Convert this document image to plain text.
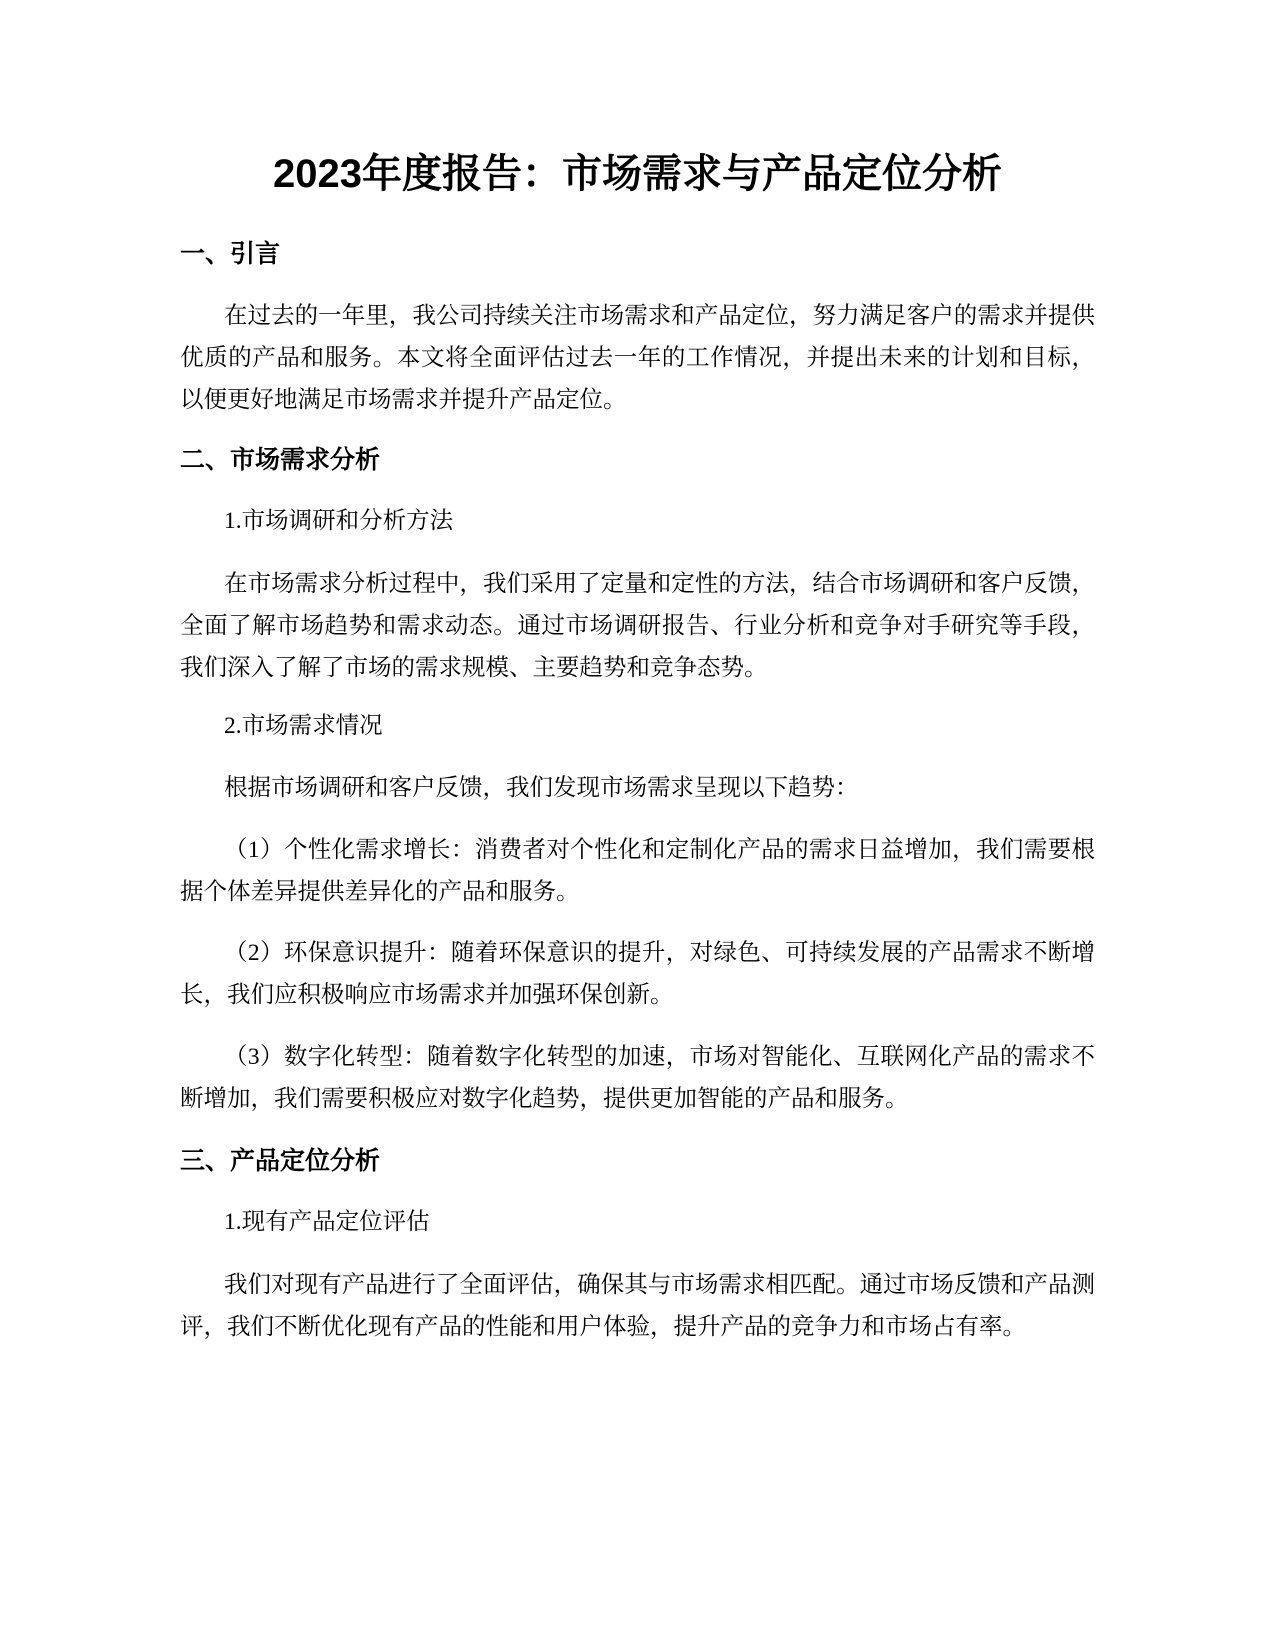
2023年度报告：市场需求与产品定位分析
一、引言

在过去的一年里，我公司持续关注市场需求和产品定位，努力满足客户的需求并提供优质的产品和服务。本文将全面评估过去一年的工作情况，并提出未来的计划和目标，以便更好地满足市场需求并提升产品定位。

二、市场需求分析

1.市场调研和分析方法

在市场需求分析过程中，我们采用了定量和定性的方法，结合市场调研和客户反馈，全面了解市场趋势和需求动态。通过市场调研报告、行业分析和竞争对手研究等手段，我们深入了解了市场的需求规模、主要趋势和竞争态势。

2.市场需求情况

根据市场调研和客户反馈，我们发现市场需求呈现以下趋势：

（1）个性化需求增长：消费者对个性化和定制化产品的需求日益增加，我们需要根据个体差异提供差异化的产品和服务。

（2）环保意识提升：随着环保意识的提升，对绿色、可持续发展的产品需求不断增长，我们应积极响应市场需求并加强环保创新。

（3）数字化转型：随着数字化转型的加速，市场对智能化、互联网化产品的需求不断增加，我们需要积极应对数字化趋势，提供更加智能的产品和服务。

三、产品定位分析

1.现有产品定位评估

我们对现有产品进行了全面评估，确保其与市场需求相匹配。通过市场反馈和产品测评，我们不断优化现有产品的性能和用户体验，提升产品的竞争力和市场占有率。
